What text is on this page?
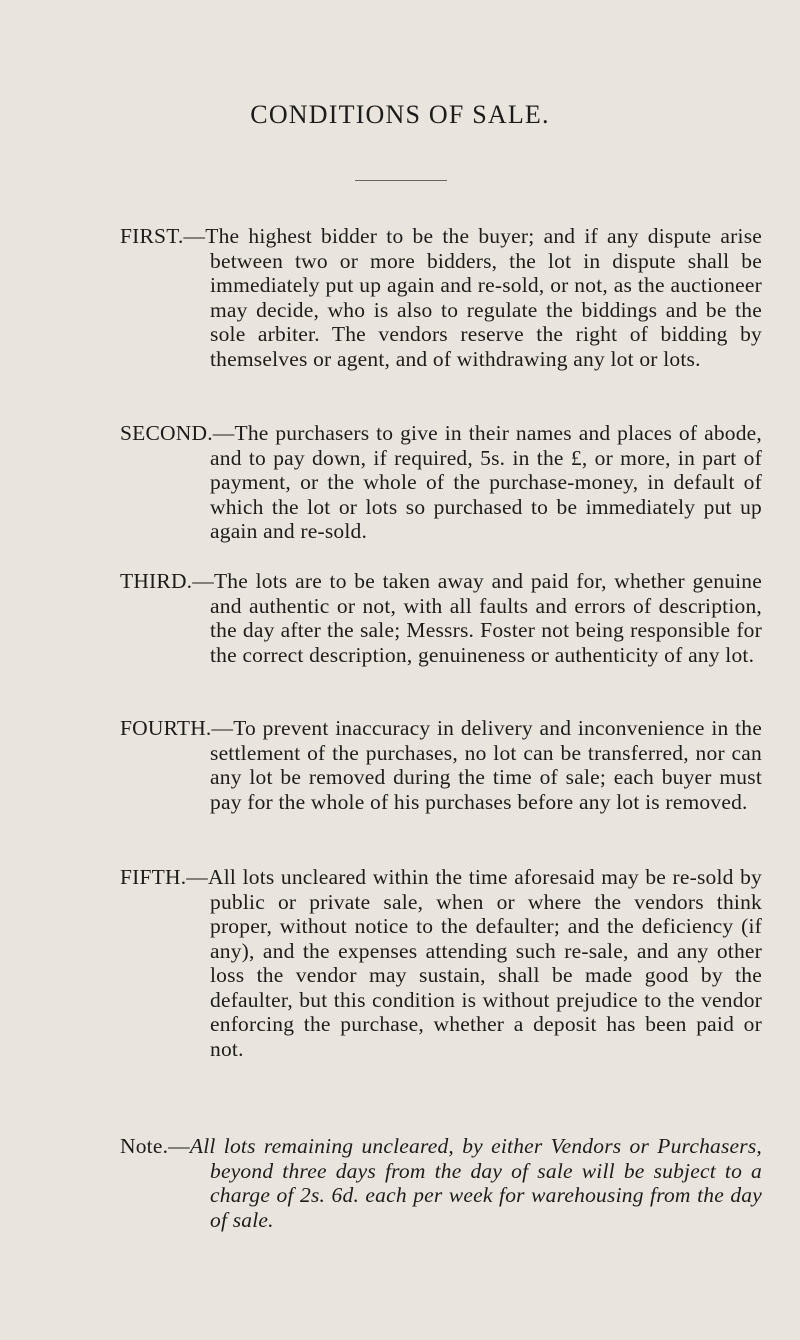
CONDITIONS OF SALE.
FIRST.— The highest bidder to be the buyer; and if any dispute arise between two or more bidders, the lot in dispute shall be immediately put up again and re-sold, or not, as the auctioneer may decide, who is also to regulate the biddings and be the sole arbiter. The vendors reserve the right of bidding by themselves or agent, and of withdrawing any lot or lots.
SECOND.— The purchasers to give in their names and places of abode, and to pay down, if required, 5s. in the £, or more, in part of payment, or the whole of the purchase-money, in default of which the lot or lots so purchased to be immediately put up again and re-sold.
THIRD.— The lots are to be taken away and paid for, whether genuine and authentic or not, with all faults and errors of description, the day after the sale; Messrs. Foster not being responsible for the correct description, genuineness or authenticity of any lot.
FOURTH.— To prevent inaccuracy in delivery and inconvenience in the settlement of the purchases, no lot can be transferred, nor can any lot be removed during the time of sale; each buyer must pay for the whole of his purchases before any lot is removed.
FIFTH.— All lots uncleared within the time aforesaid may be re-sold by public or private sale, when or where the vendors think proper, without notice to the defaulter; and the deficiency (if any), and the expenses attending such re-sale, and any other loss the vendor may sustain, shall be made good by the defaulter, but this condition is without prejudice to the vendor enforcing the purchase, whether a deposit has been paid or not.
Note.— All lots remaining uncleared, by either Vendors or Purchasers, beyond three days from the day of sale will be subject to a charge of 2s. 6d. each per week for warehousing from the day of sale.
